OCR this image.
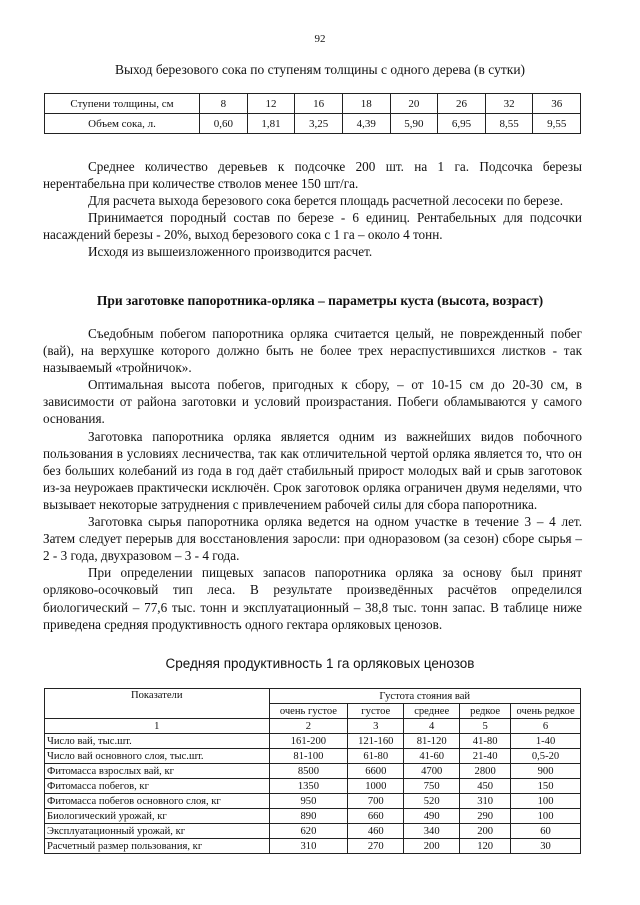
92
Выход березового сока по ступеням толщины с одного дерева (в сутки)
Ступени толщины, см	8	12	16	18	20	26	32	36
Объем сока, л.	0,60	1,81	3,25	4,39	5,90	6,95	8,55	9,55

Среднее количество деревьев к подсочке 200 шт. на 1 га. Подсочка березы нерентабельна при количестве стволов менее 150 шт/га.

Для расчета выхода березового сока берется площадь расчетной лесосеки по березе.

Принимается породный состав по березе - 6 единиц. Рентабельных для подсочки насаждений березы - 20%, выход березового сока с 1 га – около 4 тонн.

Исходя из вышеизложенного производится расчет.

При заготовке папоротника-орляка – параметры куста (высота, возраст)

Съедобным побегом папоротника орляка считается целый, не поврежденный побег (вай), на верхушке которого должно быть не более трех нераспустившихся листков - так называемый «тройничок».

Оптимальная высота побегов, пригодных к сбору, – от 10-15 см до 20-30 см, в зависимости от района заготовки и условий произрастания. Побеги обламываются у самого основания.

Заготовка папоротника орляка является одним из важнейших видов побочного пользования в условиях лесничества, так как отличительной чертой орляка является то, что он без больших колебаний из года в год даёт стабильный прирост молодых вай и срыв заготовок из-за неурожаев практически исключён. Срок заготовок орляка ограничен двумя неделями, что вызывает некоторые затруднения с привлечением рабочей силы для сбора папоротника.

Заготовка сырья папоротника орляка ведется на одном участке в течение 3 – 4 лет. Затем следует перерыв для восстановления заросли: при одноразовом (за сезон) сборе сырья – 2 - 3 года, двухразовом – 3 - 4 года.

При определении пищевых запасов папоротника орляка за основу был принят орляково-осочковый тип леса. В результате произведённых расчётов определился биологический – 77,6 тыс. тонн и эксплуатационный – 38,8 тыс. тонн запас. В таблице ниже приведена средняя продуктивность одного гектара орляковых ценозов.

Средняя продуктивность 1 га орляковых ценозов
Показатели	Густота стояния вай				
	очень густое	густое	среднее	редкое	очень редкое
1	2	3	4	5	6
Число вай, тыс.шт.	161-200	121-160	81-120	41-80	1-40
Число вай основного слоя, тыс.шт.	81-100	61-80	41-60	21-40	0,5-20
Фитомасса взрослых вай, кг	8500	6600	4700	2800	900
Фитомасса побегов, кг	1350	1000	750	450	150
Фитомасса побегов основного слоя, кг	950	700	520	310	100
Биологический урожай, кг	890	660	490	290	100
Эксплуатационный урожай, кг	620	460	340	200	60
Расчетный размер пользования, кг	310	270	200	120	30
